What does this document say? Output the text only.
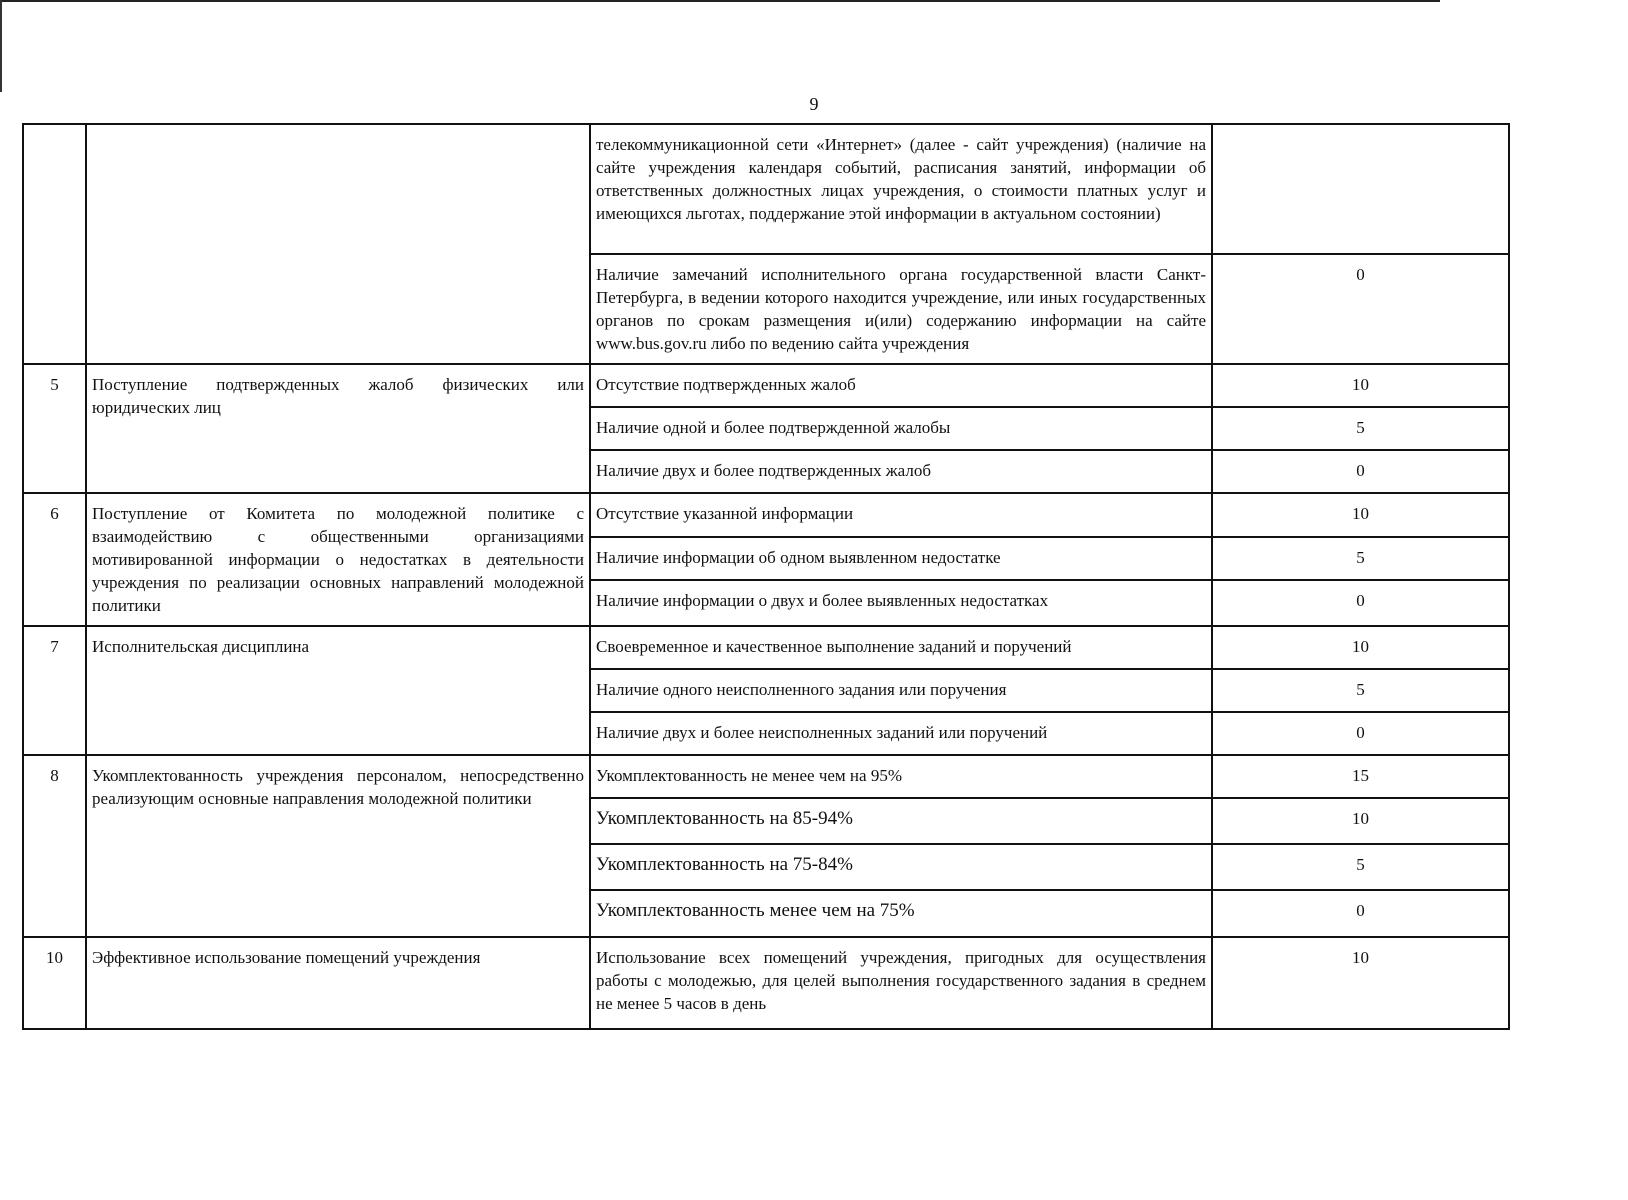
9
		телекоммуникационной сети «Интернет» (далее - сайт учреждения) (наличие на сайте учреждения календаря событий, расписания занятий, информации об ответственных должностных лицах учреждения, о стоимости платных услуг и имеющихся льготах, поддержание этой информации в актуальном состоянии)	
		Наличие замечаний исполнительного органа государственной власти Санкт-Петербурга, в ведении которого находится учреждение, или иных государственных органов по срокам размещения и(или) содержанию информации на сайте www.bus.gov.ru либо по ведению сайта учреждения	0
5	Поступление подтвержденных жалоб физических или юридических лиц	Отсутствие подтвержденных жалоб	10
		Наличие одной и более подтвержденной жалобы	5
		Наличие двух и более подтвержденных жалоб	0
6	Поступление от Комитета по молодежной политике с взаимодействию с общественными организациями мотивированной информации о недостатках в деятельности учреждения по реализации основных направлений молодежной политики	Отсутствие указанной информации	10
		Наличие информации об одном выявленном недостатке	5
		Наличие информации о двух и более выявленных недостатках	0
7	Исполнительская дисциплина	Своевременное и качественное выполнение заданий и поручений	10
		Наличие одного неисполненного задания или поручения	5
		Наличие двух и более неисполненных заданий или поручений	0
8	Укомплектованность учреждения персоналом, непосредственно реализующим основные направления молодежной политики	Укомплектованность не менее чем на 95%	15
		Укомплектованность на 85-94%	10
		Укомплектованность на 75-84%	5
		Укомплектованность менее чем на 75%	0
10	Эффективное использование помещений учреждения	Использование всех помещений учреждения, пригодных для осуществления работы с молодежью, для целей выполнения государственного задания в среднем не менее 5 часов в день	10
